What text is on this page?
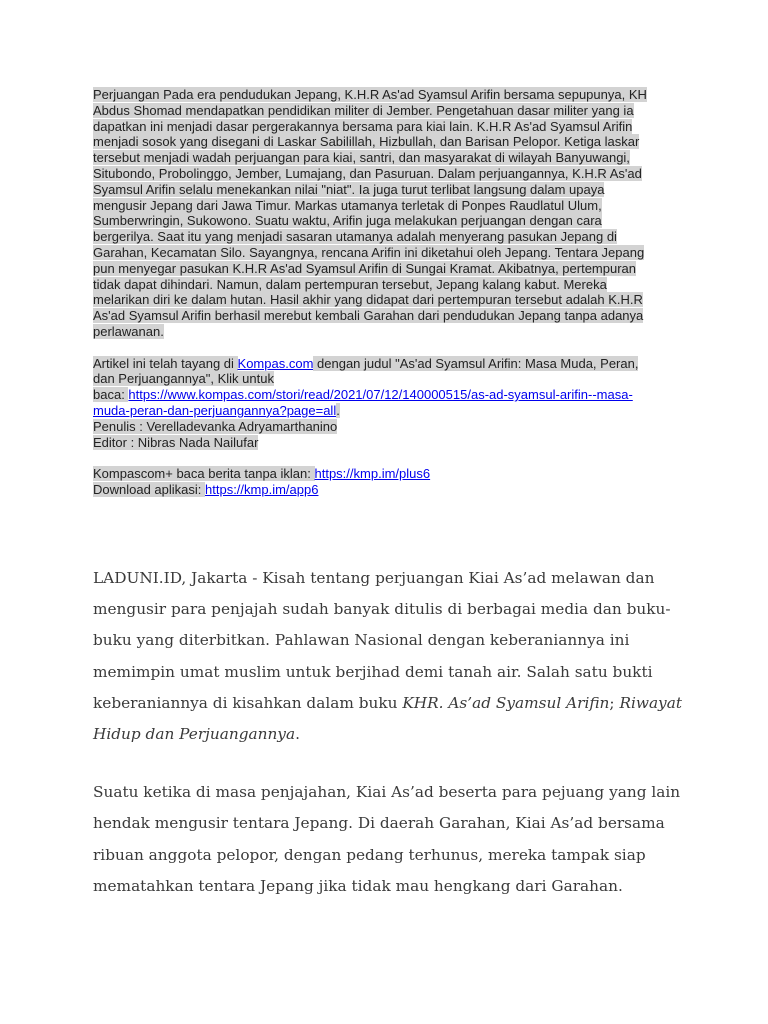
Perjuangan Pada era pendudukan Jepang, K.H.R As'ad Syamsul Arifin bersama sepupunya, KH
Abdus Shomad mendapatkan pendidikan militer di Jember. Pengetahuan dasar militer yang ia
dapatkan ini menjadi dasar pergerakannya bersama para kiai lain. K.H.R As'ad Syamsul Arifin
menjadi sosok yang disegani di Laskar Sabilillah, Hizbullah, dan Barisan Pelopor. Ketiga laskar
tersebut menjadi wadah perjuangan para kiai, santri, dan masyarakat di wilayah Banyuwangi,
Situbondo, Probolinggo, Jember, Lumajang, dan Pasuruan. Dalam perjuangannya, K.H.R As'ad
Syamsul Arifin selalu menekankan nilai "niat". Ia juga turut terlibat langsung dalam upaya
mengusir Jepang dari Jawa Timur. Markas utamanya terletak di Ponpes Raudlatul Ulum,
Sumberwringin, Sukowono. Suatu waktu, Arifin juga melakukan perjuangan dengan cara
bergerilya. Saat itu yang menjadi sasaran utamanya adalah menyerang pasukan Jepang di
Garahan, Kecamatan Silo. Sayangnya, rencana Arifin ini diketahui oleh Jepang. Tentara Jepang
pun menyegar pasukan K.H.R As'ad Syamsul Arifin di Sungai Kramat. Akibatnya, pertempuran
tidak dapat dihindari. Namun, dalam pertempuran tersebut, Jepang kalang kabut. Mereka
melarikan diri ke dalam hutan. Hasil akhir yang didapat dari pertempuran tersebut adalah K.H.R
As'ad Syamsul Arifin berhasil merebut kembali Garahan dari pendudukan Jepang tanpa adanya
perlawanan.
Artikel ini telah tayang di Kompas.com dengan judul "As'ad Syamsul Arifin: Masa Muda, Peran,
dan Perjuangannya", Klik untuk
baca: https://www.kompas.com/stori/read/2021/07/12/140000515/as-ad-syamsul-arifin--masa-
muda-peran-dan-perjuangannya?page=all.
Penulis : Verelladevanka Adryamarthanino
Editor : Nibras Nada Nailufar
Kompascom+ baca berita tanpa iklan: https://kmp.im/plus6
Download aplikasi: https://kmp.im/app6

LADUNI.ID, Jakarta - Kisah tentang perjuangan Kiai As’ad melawan dan
mengusir para penjajah sudah banyak ditulis di berbagai media dan buku-
buku yang diterbitkan. Pahlawan Nasional dengan keberaniannya ini
memimpin umat muslim untuk berjihad demi tanah air. Salah satu bukti
keberaniannya di kisahkan dalam buku KHR. As’ad Syamsul Arifin; Riwayat
Hidup dan Perjuangannya.

Suatu ketika di masa penjajahan, Kiai As’ad beserta para pejuang yang lain
hendak mengusir tentara Jepang. Di daerah Garahan, Kiai As’ad bersama
ribuan anggota pelopor, dengan pedang terhunus, mereka tampak siap
mematahkan tentara Jepang jika tidak mau hengkang dari Garahan.
